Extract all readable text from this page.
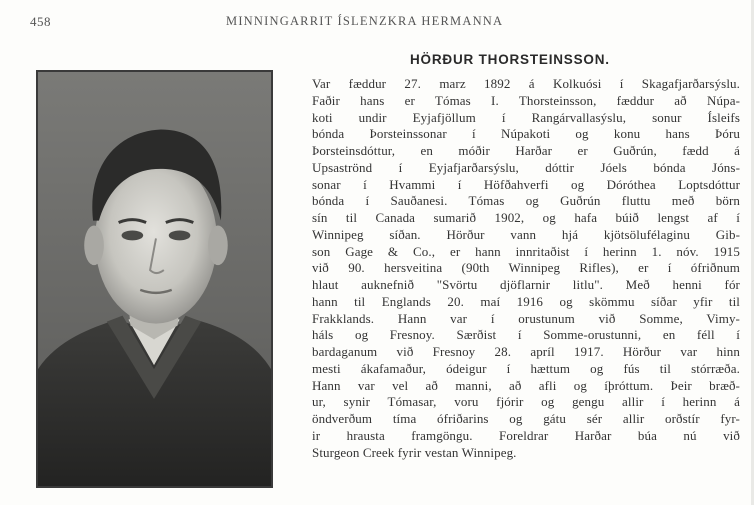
458	MINNINGARRIT ÍSLENZKRA HERMANNA
HÖRÐUR THORSTEINSSON.
Var fæddur 27. marz 1892 á Kolkuósi í Skagafjarðarsýslu.
Faðir hans er Tómas I. Thorsteinsson, fæddur að Núpa-
koti undir Eyjafjöllum í Rangárvallasýslu, sonur Ísleifs
bónda Þorsteinssonar í Núpakoti og konu hans Þóru
Þorsteinsdóttur, en móðir Harðar er Guðrún, fædd á
Upsaströnd í Eyjafjarðarsýslu, dóttir Jóels bónda Jóns-
sonar í Hvammi í Höfðahverfi og Dóróthea Loptsdóttur
bónda í Sauðanesi. Tómas og Guðrún fluttu með börn
sín til Canada sumarið 1902, og hafa búið lengst af í
Winnipeg síðan. Hörður vann hjá kjötsölufélaginu Gib-
son Gage & Co., er hann innritaðist í herinn 1. nóv. 1915
við 90. hersveitina (90th Winnipeg Rifles), er í ófriðnum
hlaut auknefnið "Svörtu djöflarnir litlu". Með henni fór
hann til Englands 20. maí 1916 og skömmu síðar yfir til
Frakklands. Hann var í orustunum við Somme, Vimy-
háls og Fresnoy. Særðist í Somme-orustunni, en féll í
bardaganum við Fresnoy 28. apríl 1917. Hörður var hinn
mesti ákafamaður, ódeigur í hættum og fús til stórræða.
Hann var vel að manni, að afli og íþróttum. Þeir bræð-
ur, synir Tómasar, voru fjórir og gengu allir í herinn á
öndverðum tíma ófriðarins og gátu sér allir orðstír fyr-
ir hrausta framgöngu. Foreldrar Harðar búa nú við
Sturgeon Creek fyrir vestan Winnipeg.
